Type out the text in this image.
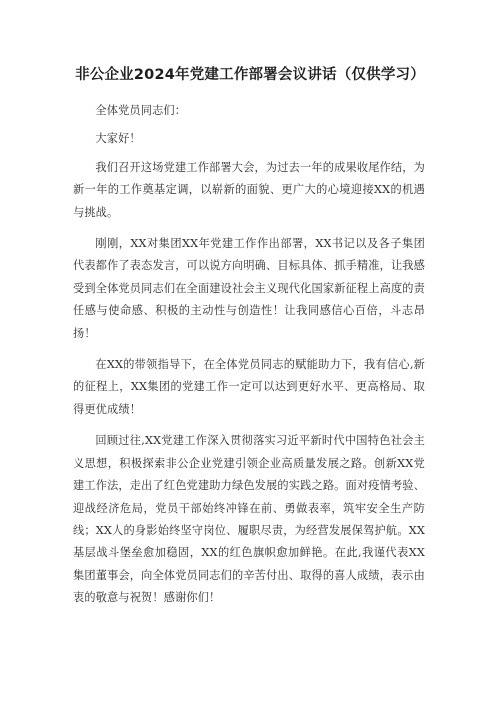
非公企业2024年党建工作部署会议讲话（仅供学习）

全体党员同志们：

大家好！

我们召开这场党建工作部署大会，为过去一年的成果收尾作结，为新一年的工作奠基定调，以崭新的面貌、更广大的心境迎接XX的机遇与挑战。

刚刚，XX对集团XX年党建工作作出部署，XX书记以及各子集团代表都作了表态发言，可以说方向明确、目标具体、抓手精准，让我感受到全体党员同志们在全面建设社会主义现代化国家新征程上高度的责任感与使命感、积极的主动性与创造性！让我同感信心百倍，斗志昂扬！

在XX的带领指导下，在全体党员同志的赋能助力下，我有信心,新的征程上，XX集团的党建工作一定可以达到更好水平、更高格局、取得更优成绩！

回顾过往,XX党建工作深入贯彻落实习近平新时代中国特色社会主义思想，积极探索非公企业党建引领企业高质量发展之路。创新XX党建工作法，走出了红色党建助力绿色发展的实践之路。面对疫情考验、迎战经济危局，党员干部始终冲锋在前、勇做表率，筑牢安全生产防线；XX人的身影始终坚守岗位、履职尽责，为经营发展保驾护航。XX基层战斗堡垒愈加稳固，XX的红色旗帜愈加鲜艳。在此,我谨代表XX集团董事会，向全体党员同志们的辛苦付出、取得的喜人成绩，表示由衷的敬意与祝贺！感谢你们！
